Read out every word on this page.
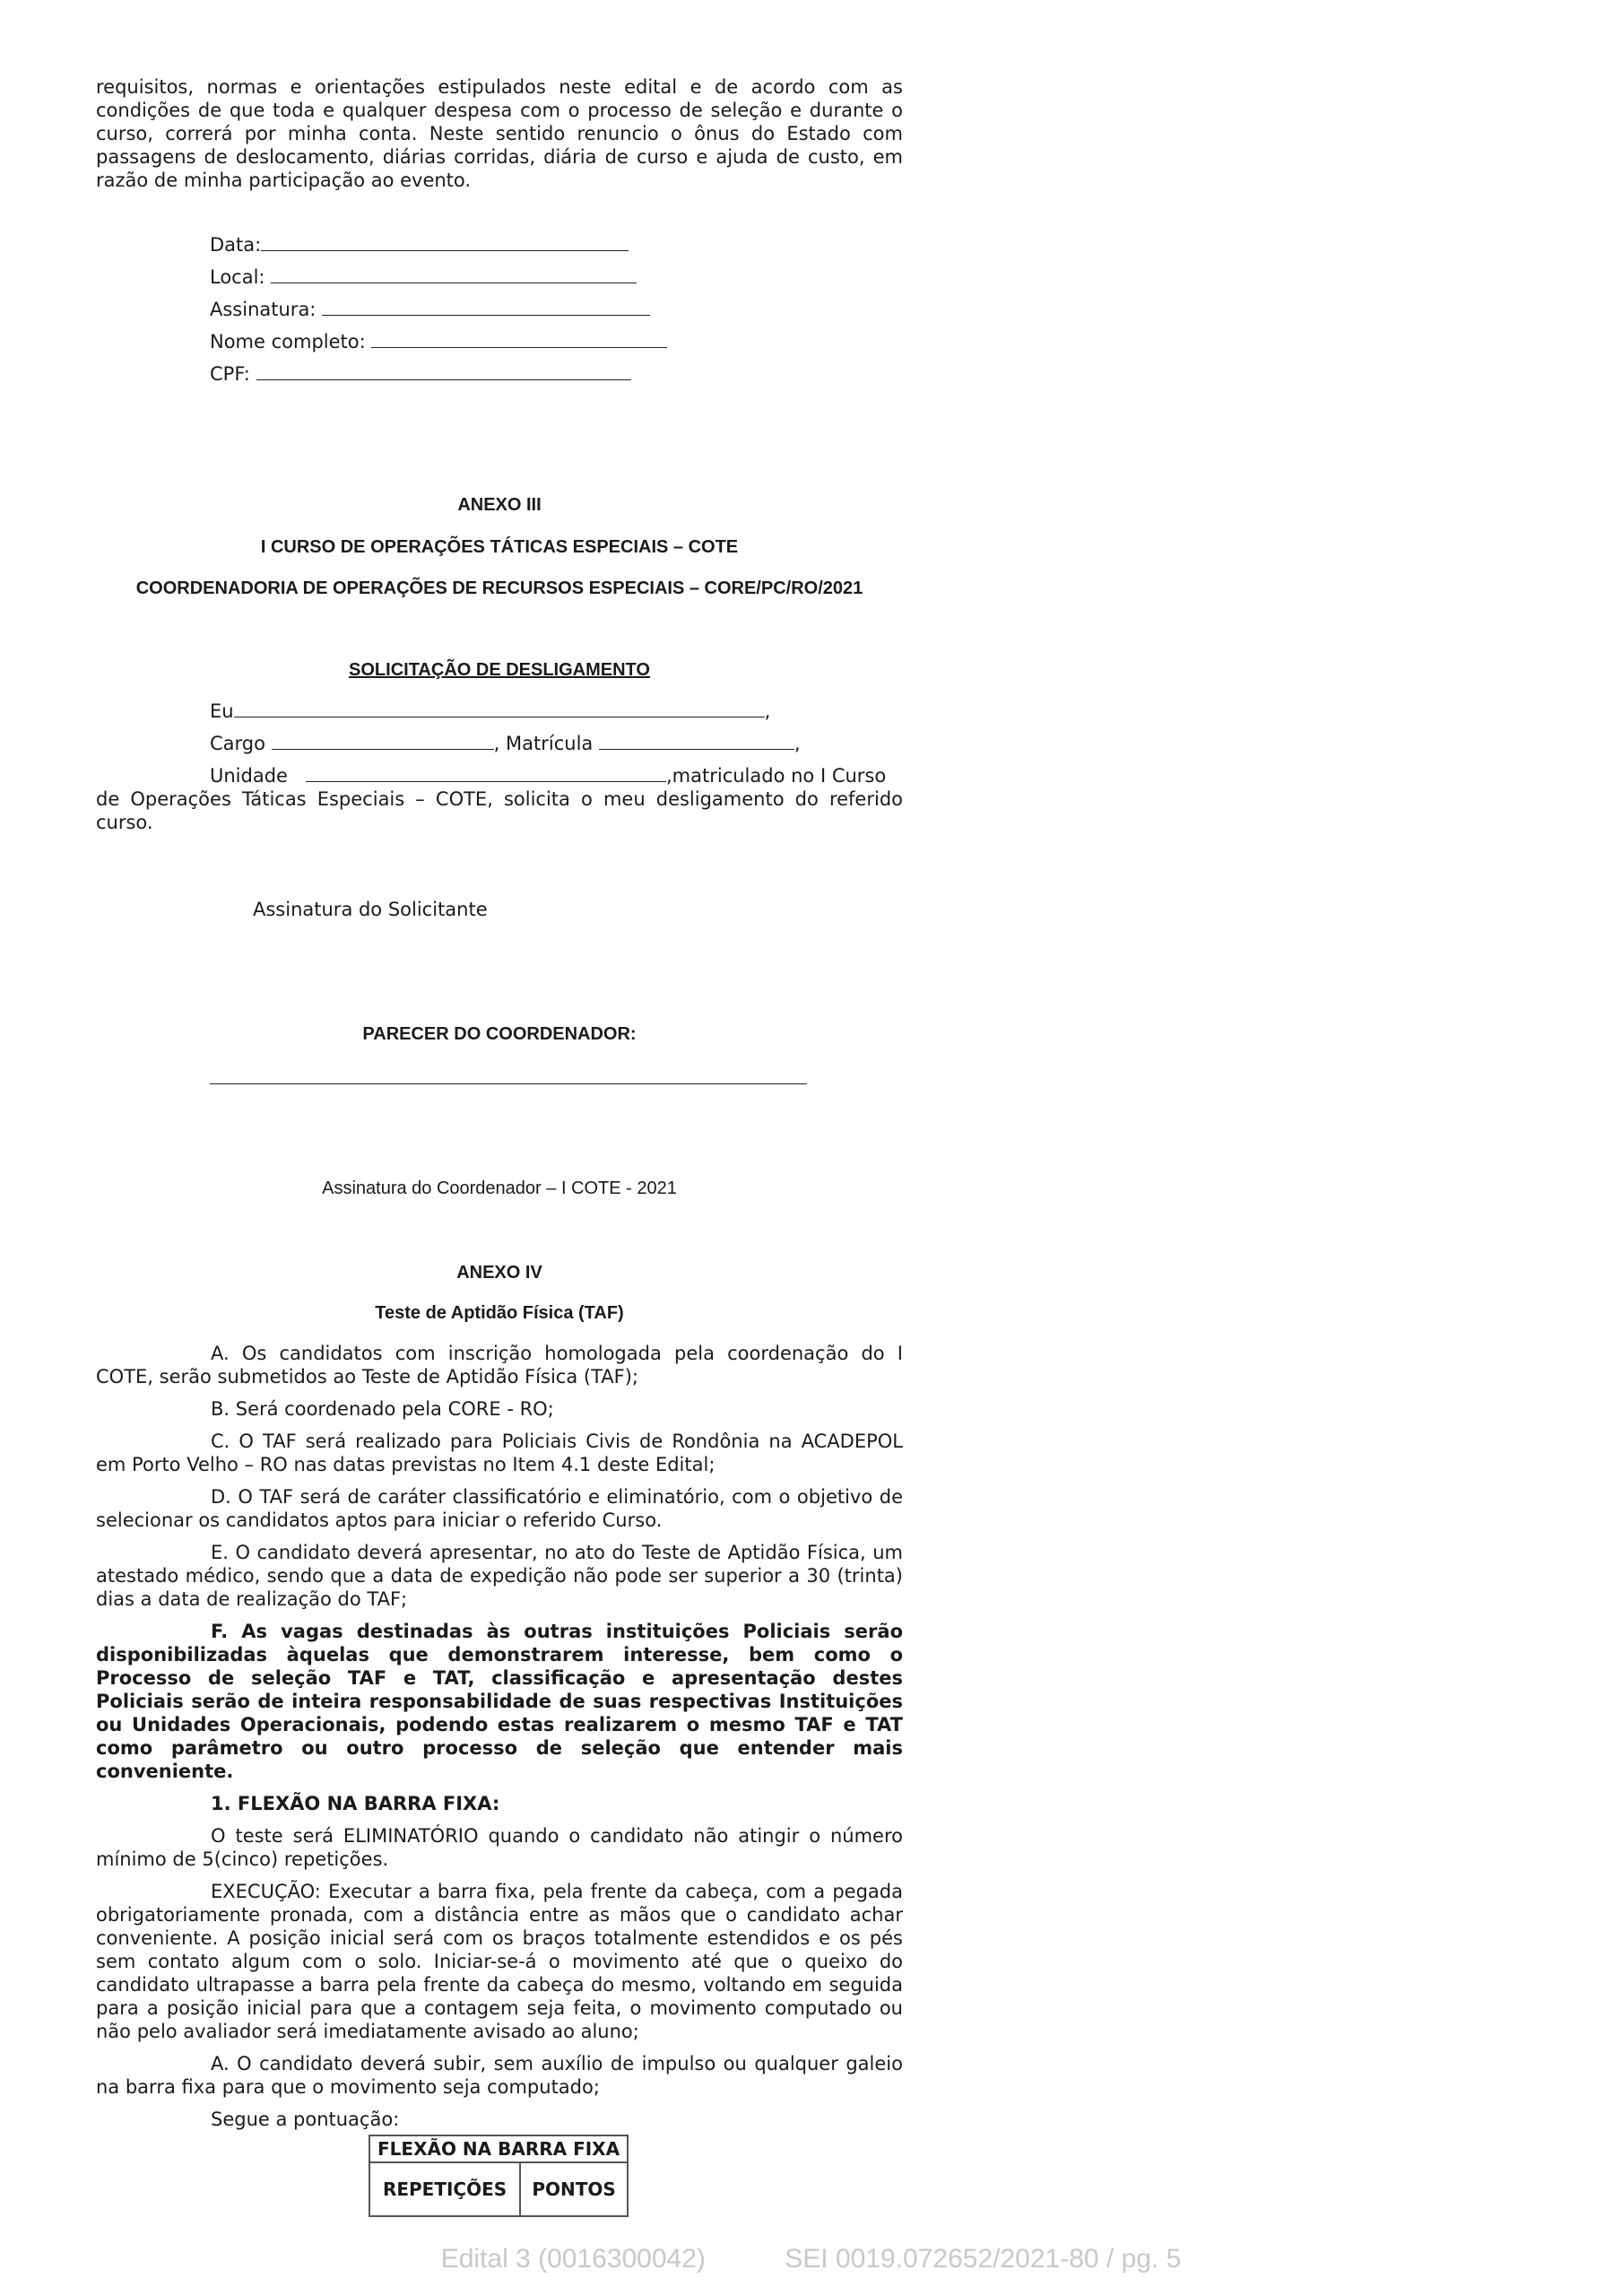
requisitos, normas e orientações estipulados neste edital e de acordo com as condições de que toda e qualquer despesa com o processo de seleção e durante o curso, correrá por minha conta. Neste sentido renuncio o ônus do Estado com passagens de deslocamento, diárias corridas, diária de curso e ajuda de custo, em razão de minha participação ao evento.

Data:
Local:
Assinatura:
Nome completo:
CPF:
ANEXO III
I CURSO DE OPERAÇÕES TÁTICAS ESPECIAIS – COTE
COORDENADORIA DE OPERAÇÕES DE RECURSOS ESPECIAIS – CORE/PC/RO/2021
SOLICITAÇÃO DE DESLIGAMENTO
Eu	,
Cargo	, Matrícula	,
Unidade	,matriculado no I Curso

de Operações Táticas Especiais – COTE, solicita o meu desligamento do referido curso.

Assinatura do Solicitante
PARECER DO COORDENADOR:
Assinatura do Coordenador – I COTE - 2021
ANEXO IV
Teste de Aptidão Física (TAF)

A. Os candidatos com inscrição homologada pela coordenação do I COTE, serão submetidos ao Teste de Aptidão Física (TAF);

B. Será coordenado pela CORE - RO;

C. O TAF será realizado para Policiais Civis de Rondônia na ACADEPOL em Porto Velho – RO nas datas previstas no Item 4.1 deste Edital;

D. O TAF será de caráter classificatório e eliminatório, com o objetivo de selecionar os candidatos aptos para iniciar o referido Curso.

E. O candidato deverá apresentar, no ato do Teste de Aptidão Física, um atestado médico, sendo que a data de expedição não pode ser superior a 30 (trinta) dias a data de realização do TAF;

F. As vagas destinadas às outras instituições Policiais serão disponibilizadas àquelas que demonstrarem interesse, bem como o Processo de seleção TAF e TAT, classificação e apresentação destes Policiais serão de inteira responsabilidade de suas respectivas Instituições ou Unidades Operacionais, podendo estas realizarem o mesmo TAF e TAT como parâmetro ou outro processo de seleção que entender mais conveniente.

1. FLEXÃO NA BARRA FIXA:

O teste será ELIMINATÓRIO quando o candidato não atingir o número mínimo de 5(cinco) repetições.

EXECUÇÃO: Executar a barra fixa, pela frente da cabeça, com a pegada obrigatoriamente pronada, com a distância entre as mãos que o candidato achar conveniente. A posição inicial será com os braços totalmente estendidos e os pés sem contato algum com o solo. Iniciar-se-á o movimento até que o queixo do candidato ultrapasse a barra pela frente da cabeça do mesmo, voltando em seguida para a posição inicial para que a contagem seja feita, o movimento computado ou não pelo avaliador será imediatamente avisado ao aluno;

A. O candidato deverá subir, sem auxílio de impulso ou qualquer galeio na barra fixa para que o movimento seja computado;

Segue a pontuação:

FLEXÃO NA BARRA FIXA
REPETIÇÕES	PONTOS
Edital 3 (0016300042)	SEI 0019.072652/2021-80 / pg. 5
